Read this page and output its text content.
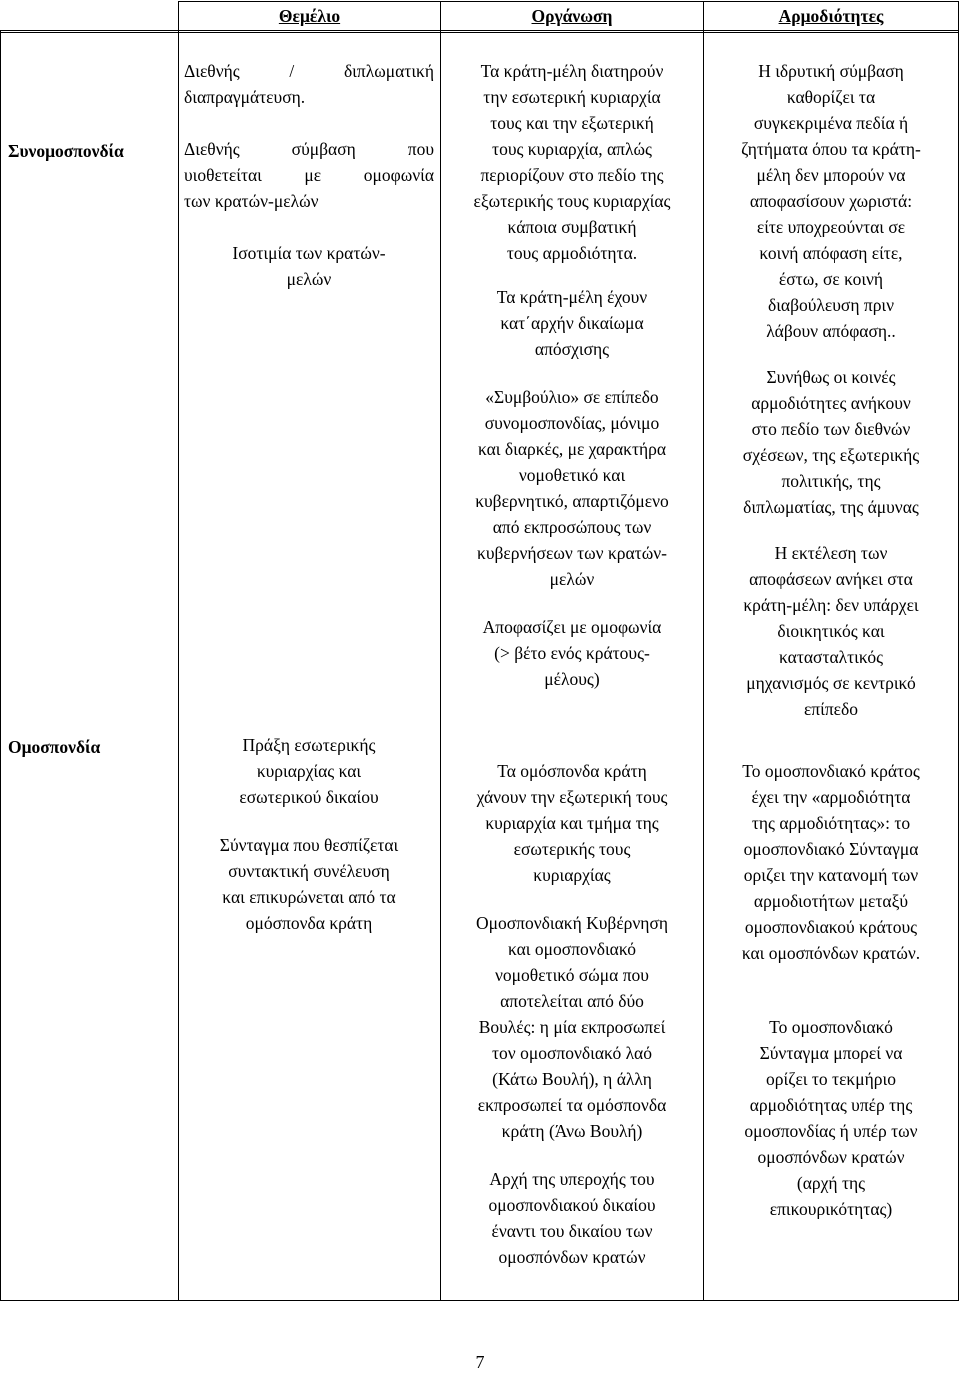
Θεμέλιο	Οργάνωση	Αρμοδιότητες
Συνομοσπονδία
Ομοσπονδία

Διεθνής / διπλωματική

διαπραγμάτευση.

Διεθνής σύμβαση που

υιοθετείται με ομοφωνία

των κρατών-μελών

Ισοτιμία των κρατών-

μελών

Τα κράτη-μέλη διατηρούν

την εσωτερική κυριαρχία

τους και την εξωτερική

τους κυριαρχία, απλώς

περιορίζουν στο πεδίο της

εξωτερικής τους κυριαρχίας

κάποια συμβατική

τους αρμοδιότητα.

Τα κράτη-μέλη έχουν

κατ΄αρχήν δικαίωμα

απόσχισης

«Συμβούλιο» σε επίπεδο

συνομοσπονδίας, μόνιμο

και διαρκές, με χαρακτήρα

νομοθετικό και

κυβερνητικό, απαρτιζόμενο

από εκπροσώπους των

κυβερνήσεων των κρατών-

μελών

Αποφασίζει με ομοφωνία

(> βέτο ενός κράτους-

μέλους)

Η ιδρυτική σύμβαση

καθορίζει τα

συγκεκριμένα πεδία ή

ζητήματα όπου τα κράτη-

μέλη δεν μπορούν να

αποφασίσουν χωριστά:

είτε υποχρεούνται σε

κοινή απόφαση είτε,

έστω, σε κοινή

διαβούλευση πριν

λάβουν απόφαση..

Συνήθως οι κοινές

αρμοδιότητες ανήκουν

στο πεδίο των διεθνών

σχέσεων, της εξωτερικής

πολιτικής, της

διπλωματίας, της άμυνας

Η εκτέλεση των

αποφάσεων ανήκει στα

κράτη-μέλη: δεν υπάρχει

διοικητικός και

κατασταλτικός

μηχανισμός σε κεντρικό

επίπεδο

Πράξη εσωτερικής

κυριαρχίας και

εσωτερικού δικαίου

Σύνταγμα που θεσπίζεται

συντακτική συνέλευση

και επικυρώνεται από τα

ομόσπονδα κράτη

Τα ομόσπονδα κράτη

χάνουν την εξωτερική τους

κυριαρχία και τμήμα της

εσωτερικής τους

κυριαρχίας

Ομοσπονδιακή Κυβέρνηση

και ομοσπονδιακό

νομοθετικό σώμα που

αποτελείται από δύο

Βουλές: η μία εκπροσωπεί

τον ομοσπονδιακό λαό

(Κάτω Βουλή), η άλλη

εκπροσωπεί τα ομόσπονδα

κράτη (Άνω Βουλή)

Αρχή της υπεροχής του

ομοσπονδιακού δικαίου

έναντι του δικαίου των

ομοσπόνδων κρατών

Το ομοσπονδιακό κράτος

έχει την «αρμοδιότητα

της αρμοδιότητας»: το

ομοσπονδιακό Σύνταγμα

οριζει την κατανομή των

αρμοδιοτήτων μεταξύ

ομοσπονδιακού κράτους

και ομοσπόνδων κρατών.

Το ομοσπονδιακό

Σύνταγμα μπορεί να

ορίζει το τεκμήριο

αρμοδιότητας υπέρ της

ομοσπονδίας ή υπέρ των

ομοσπόνδων κρατών

(αρχή της

επικουρικότητας)

7
